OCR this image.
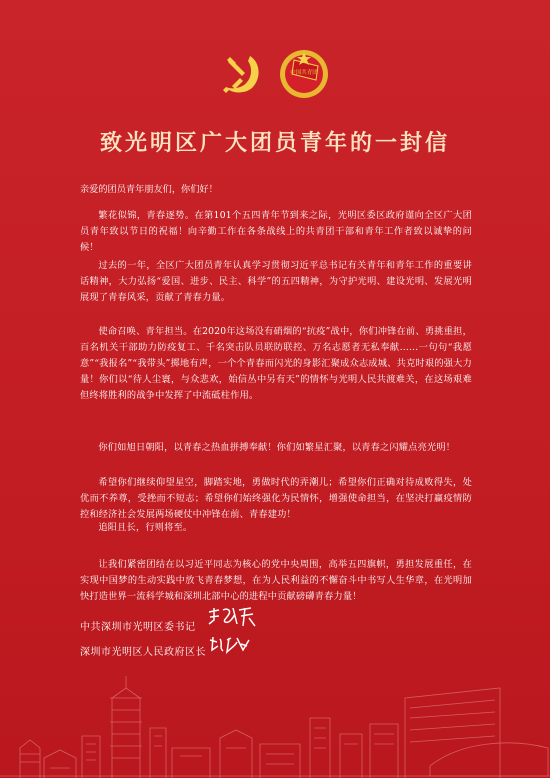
中国共青团
致光明区广大团员青年的一封信
亲爱的团员青年朋友们，你们好！
繁花似锦，青春逐势。在第101个五四青年节到来之际，光明区委区政府谨向全区广大团员青年致以节日的祝福！向辛勤工作在各条战线上的共青团干部和青年工作者致以诚挚的问候！
过去的一年，全区广大团员青年认真学习贯彻习近平总书记有关青年和青年工作的重要讲话精神，大力弘扬“爱国、进步、民主、科学”的五四精神，为守护光明、建设光明、发展光明展现了青春风采，贡献了青春力量。
使命召唤、青年担当。在2020年这场没有硝烟的“抗疫”战中，你们冲锋在前、勇挑重担，百名机关干部助力防疫复工、千名突击队员联防联控、万名志愿者无私奉献……一句句“我愿意”“我报名”“我带头”掷地有声，一个个青春而闪光的身影汇聚成众志成城、共克时艰的强大力量！你们以“待人尘寰，与众悲欢，始信丛中另有天”的情怀与光明人民共渡难关，在这场艰难但终将胜利的战争中发挥了中流砥柱作用。
你们如旭日朝阳，以青春之热血拼搏奉献！你们如繁星汇聚，以青春之闪耀点亮光明！
希望你们继续仰望星空，脚踏实地，勇做时代的弄潮儿；希望你们正确对待成败得失，处优而不养尊，受挫而不短志；希望你们始终强化为民情怀，增强使命担当，在坚决打赢疫情防控和经济社会发展两场硬仗中冲锋在前、青春建功！
追阳且长，行则将至。
让我们紧密团结在以习近平同志为核心的党中央周围，高举五四旗帜，勇担发展重任，在实现中国梦的生动实践中放飞青春梦想，在为人民利益的不懈奋斗中书写人生华章，在光明加快打造世界一流科学城和深圳北部中心的进程中贡献磅礴青春力量！
中共深圳市光明区委书记
深圳市光明区人民政府区长
